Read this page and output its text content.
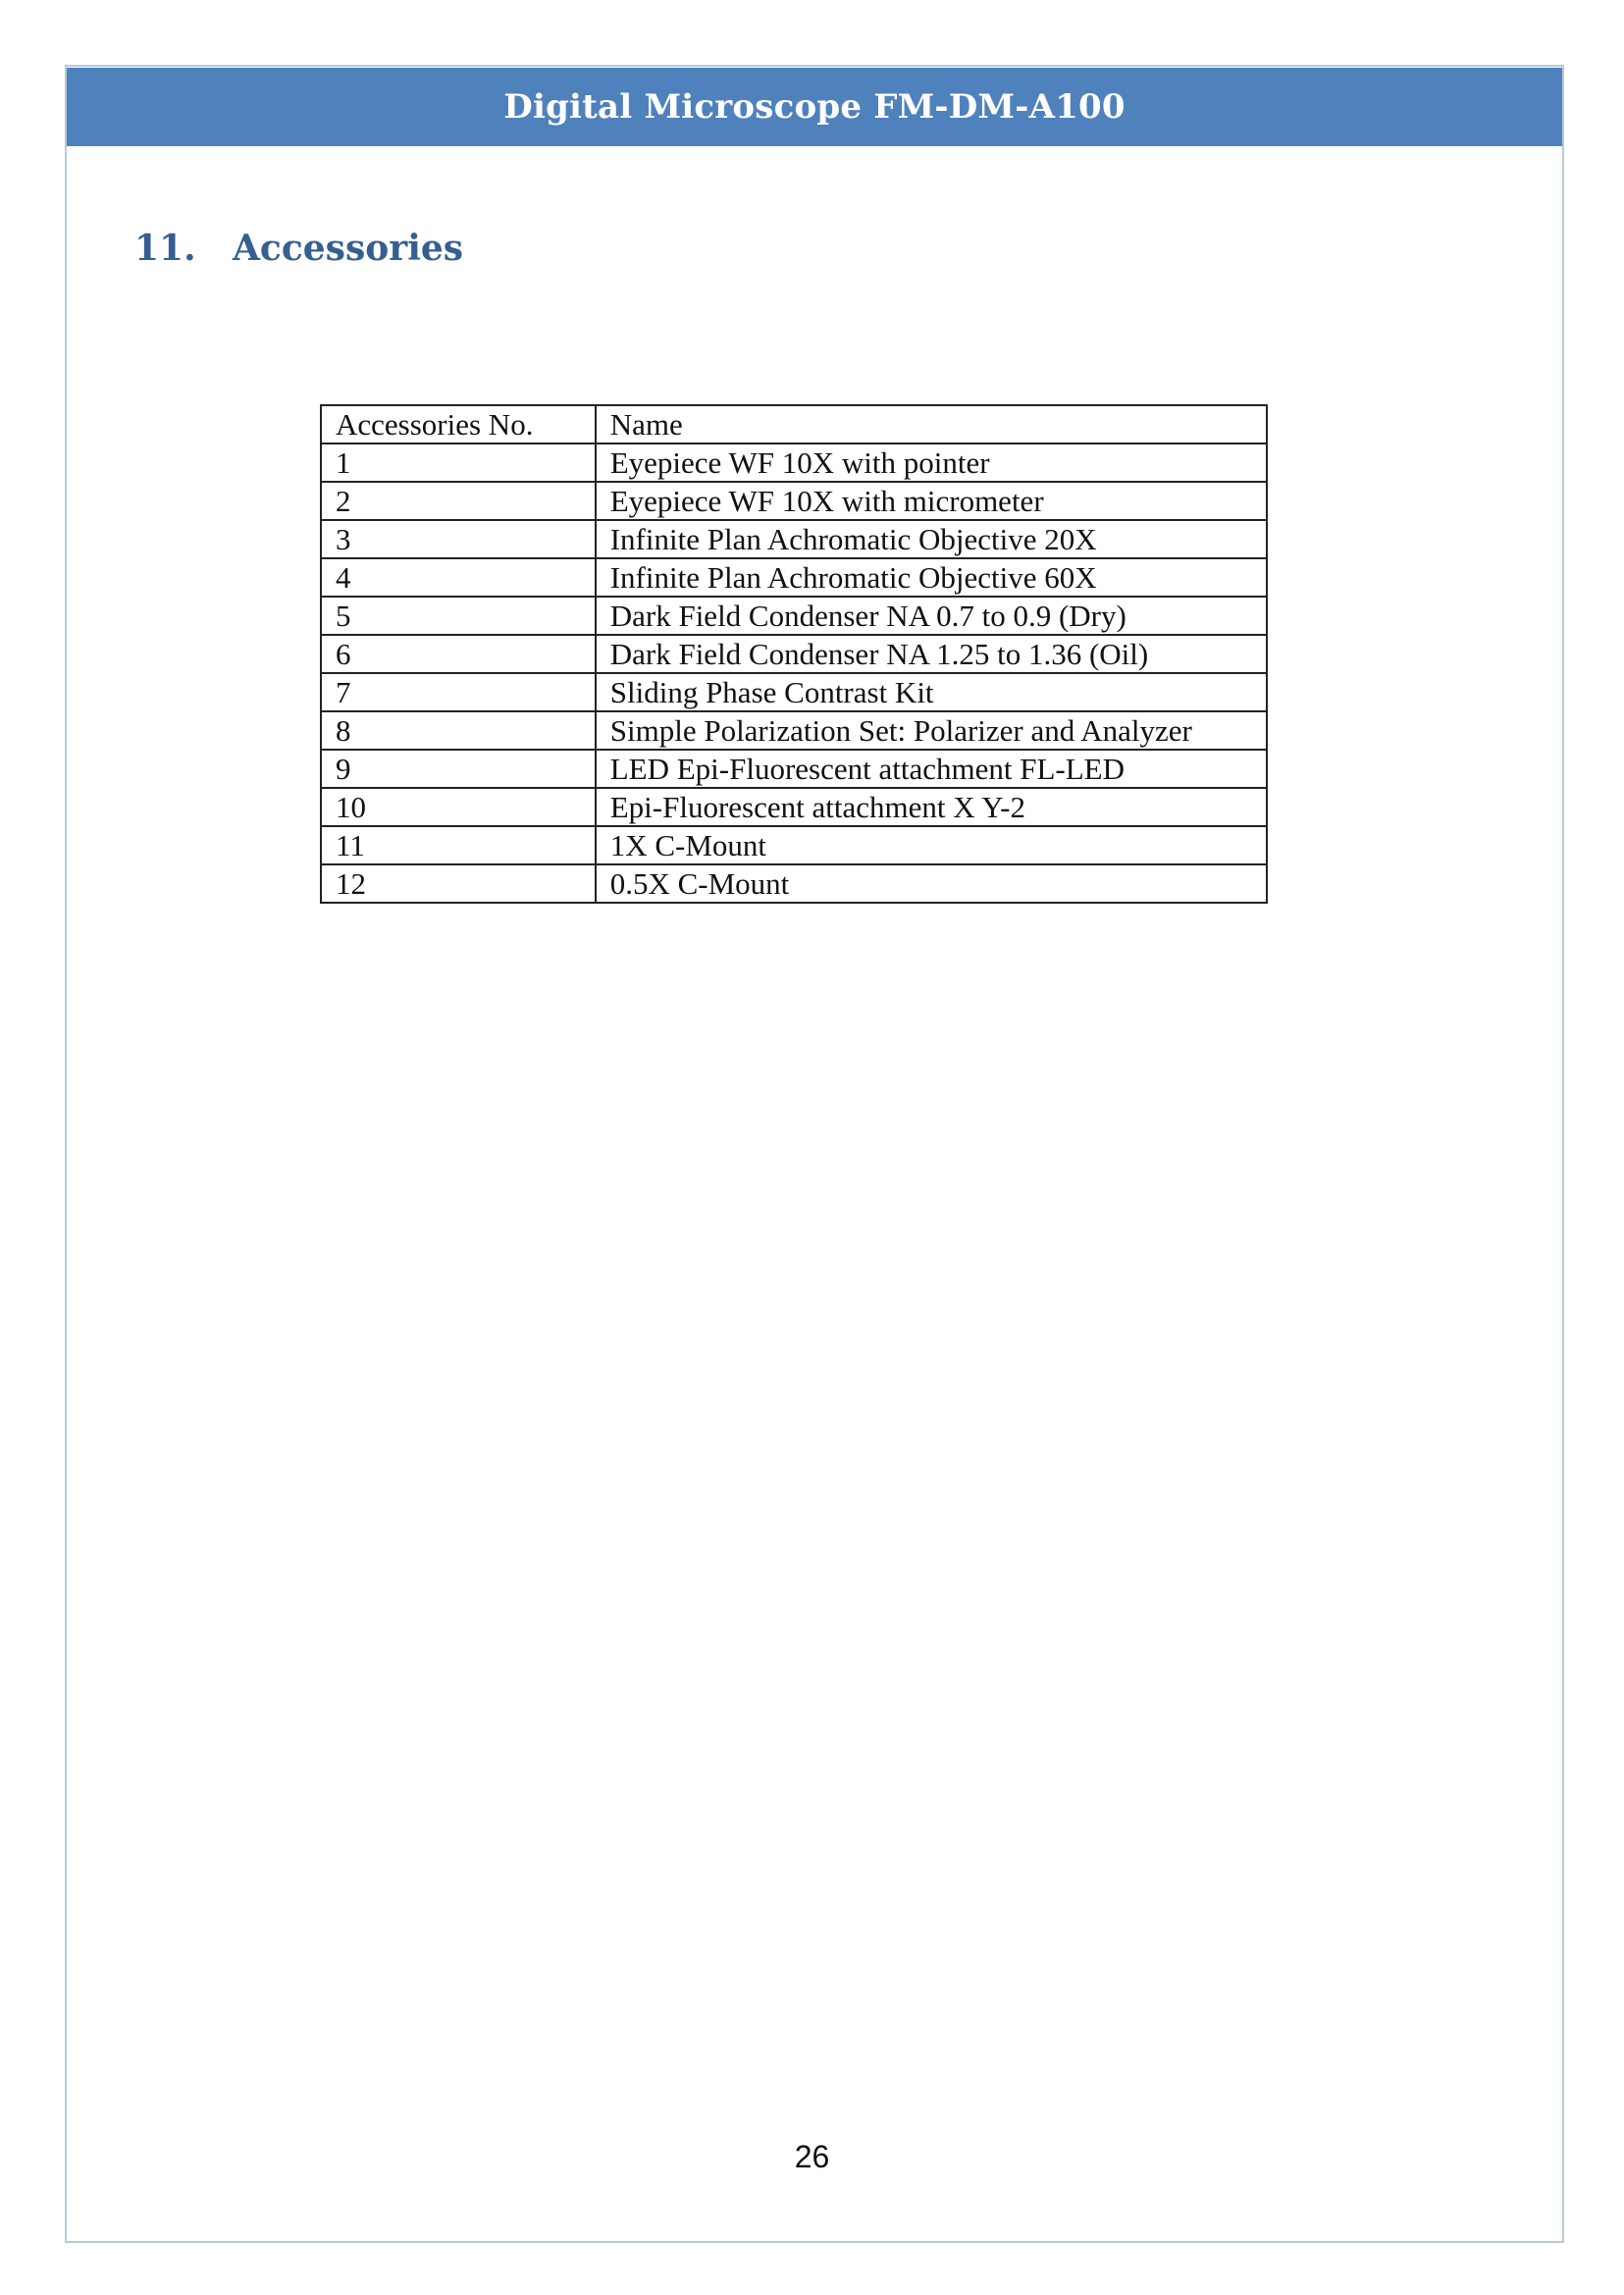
Digital Microscope FM-DM-A100
11.	Accessories
Accessories No.	Name
1	Eyepiece WF 10X with pointer
2	Eyepiece WF 10X with micrometer
3	Infinite Plan Achromatic Objective 20X
4	Infinite Plan Achromatic Objective 60X
5	Dark Field Condenser NA 0.7 to 0.9 (Dry)
6	Dark Field Condenser NA 1.25 to 1.36 (Oil)
7	Sliding Phase Contrast Kit
8	Simple Polarization Set: Polarizer and Analyzer
9	LED Epi-Fluorescent attachment FL-LED
10	Epi-Fluorescent attachment X Y-2
11	1X C-Mount
12	0.5X C-Mount
26
